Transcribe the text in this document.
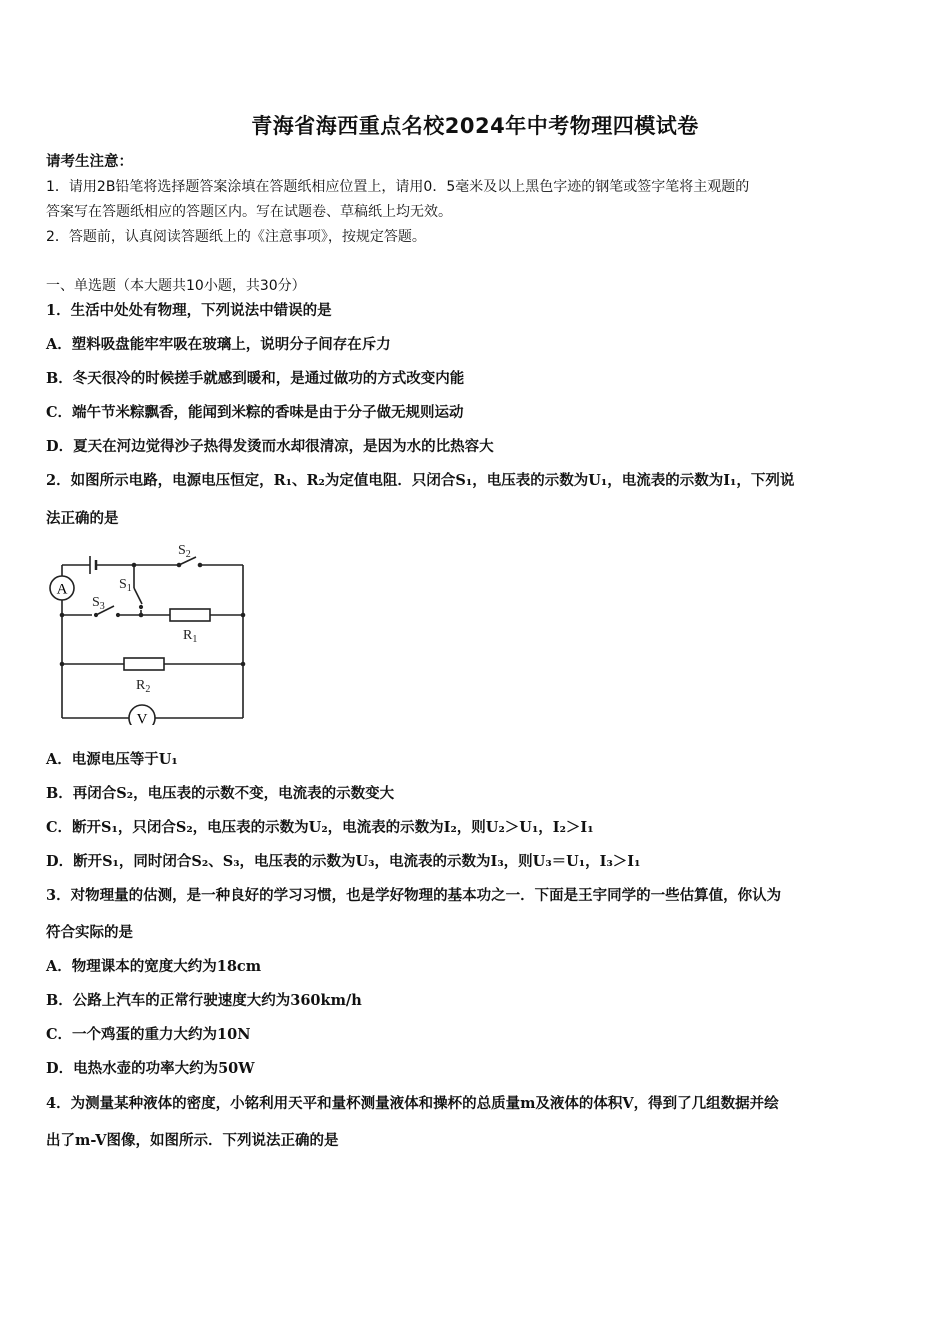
青海省海西重点名校2024年中考物理四模试卷
请考生注意：
1．请用2B铅笔将选择题答案涂填在答题纸相应位置上，请用0．5毫米及以上黑色字迹的钢笔或签字笔将主观题的
答案写在答题纸相应的答题区内。写在试题卷、草稿纸上均无效。
2．答题前，认真阅读答题纸上的《注意事项》，按规定答题。
一、单选题（本大题共10小题，共30分）
1．生活中处处有物理，下列说法中错误的是
A．塑料吸盘能牢牢吸在玻璃上，说明分子间存在斥力
B．冬天很冷的时候搓手就感到暖和，是通过做功的方式改变内能
C．端午节米粽飘香，能闻到米粽的香味是由于分子做无规则运动
D．夏天在河边觉得沙子热得发烫而水却很清凉，是因为水的比热容大
2．如图所示电路，电源电压恒定，R₁、R₂为定值电阻．只闭合S₁，电压表的示数为U₁，电流表的示数为I₁，下列说
法正确的是
A
V
$S_2$
$S_1$
$S_3$
$R_1$
$R_2$
A．电源电压等于U₁
B．再闭合S₂，电压表的示数不变，电流表的示数变大
C．断开S₁，只闭合S₂，电压表的示数为U₂，电流表的示数为I₂，则U₂＞U₁，I₂＞I₁
D．断开S₁，同时闭合S₂、S₃，电压表的示数为U₃，电流表的示数为I₃，则U₃＝U₁，I₃＞I₁
3．对物理量的估测，是一种良好的学习习惯，也是学好物理的基本功之一．下面是王宇同学的一些估算值，你认为
符合实际的是
A．物理课本的宽度大约为18cm
B．公路上汽车的正常行驶速度大约为360km/h
C．一个鸡蛋的重力大约为10N
D．电热水壶的功率大约为50W
4．为测量某种液体的密度，小铭利用天平和量杯测量液体和操杯的总质量m及液体的体积V，得到了几组数据并绘
出了m-V图像，如图所示．下列说法正确的是
